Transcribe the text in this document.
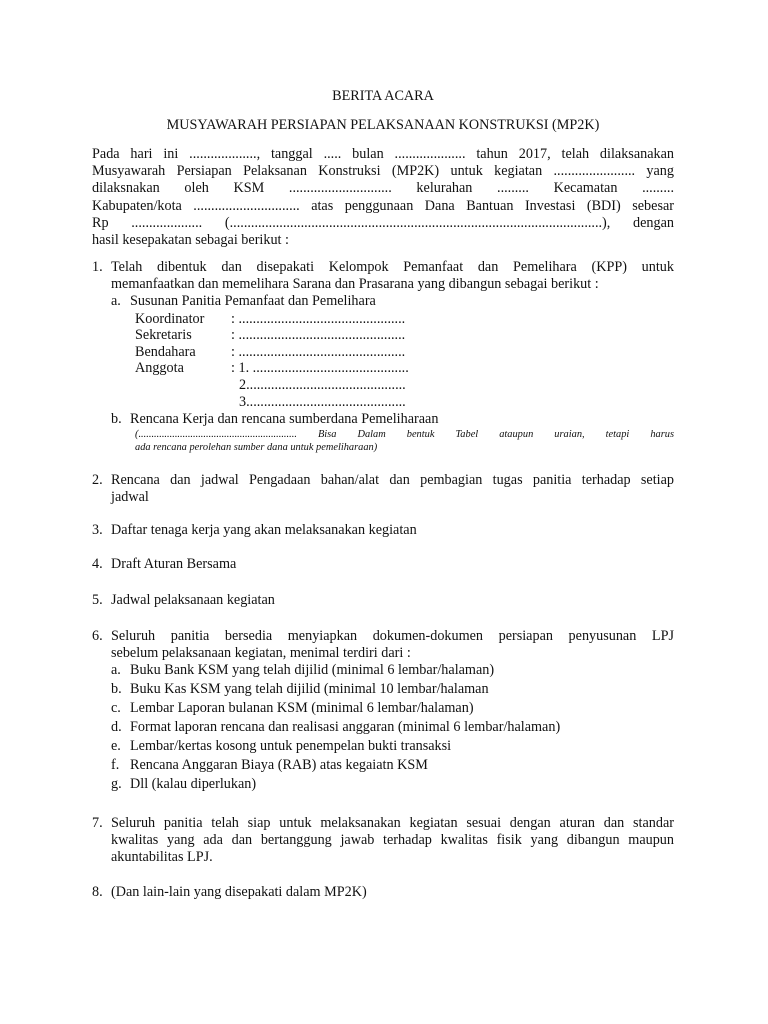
BERITA ACARA
MUSYAWARAH PERSIAPAN PELAKSANAAN KONSTRUKSI (MP2K)
Pada hari ini ..................., tanggal ..... bulan .................... tahun 2017, telah dilaksanakan
Musyawarah Persiapan Pelaksanan Konstruksi (MP2K) untuk kegiatan ....................... yang
dilaksnakan oleh KSM ............................. kelurahan ......... Kecamatan .........
Kabupaten/kota .............................. atas penggunaan Dana Bantuan Investasi (BDI) sebesar
Rp .................... (.........................................................................................................), dengan
hasil kesepakatan sebagai berikut :
1. Telah dibentuk dan disepakati Kelompok Pemanfaat dan Pemelihara (KPP) untuk
memanfaatkan dan memelihara Sarana dan Prasarana yang dibangun sebagai berikut :
a. Susunan Panitia Pemanfaat dan Pemelihara
Koordinator : ...............................................
Sekretaris	: ...............................................
Bendahara : ...............................................
Anggota	: 1. ............................................
2.............................................
3.............................................
b. Rencana Kerja dan rencana sumberdana Pemeliharaan
(............................................................. Bisa Dalam bentuk Tabel ataupun uraian, tetapi harus
ada rencana perolehan sumber dana untuk pemeliharaan)
2. Rencana dan jadwal Pengadaan bahan/alat dan pembagian tugas panitia terhadap setiap
jadwal
3. Daftar tenaga kerja yang akan melaksanakan kegiatan
4. Draft Aturan Bersama
5. Jadwal pelaksanaan kegiatan
6. Seluruh panitia bersedia menyiapkan dokumen-dokumen persiapan penyusunan LPJ
sebelum pelaksanaan kegiatan, menimal terdiri dari :
a. Buku Bank KSM yang telah dijilid (minimal 6 lembar/halaman)
b. Buku Kas KSM yang telah dijilid (minimal 10 lembar/halaman
c. Lembar Laporan bulanan KSM (minimal 6 lembar/halaman)
d. Format laporan rencana dan realisasi anggaran (minimal 6 lembar/halaman)
e. Lembar/kertas kosong untuk penempelan bukti transaksi
f. Rencana Anggaran Biaya (RAB) atas kegaiatn KSM
g. Dll (kalau diperlukan)
7. Seluruh panitia telah siap untuk melaksanakan kegiatan sesuai dengan aturan dan standar
kwalitas yang ada dan bertanggung jawab terhadap kwalitas fisik yang dibangun maupun
akuntabilitas LPJ.
8. (Dan lain-lain yang disepakati dalam MP2K)
